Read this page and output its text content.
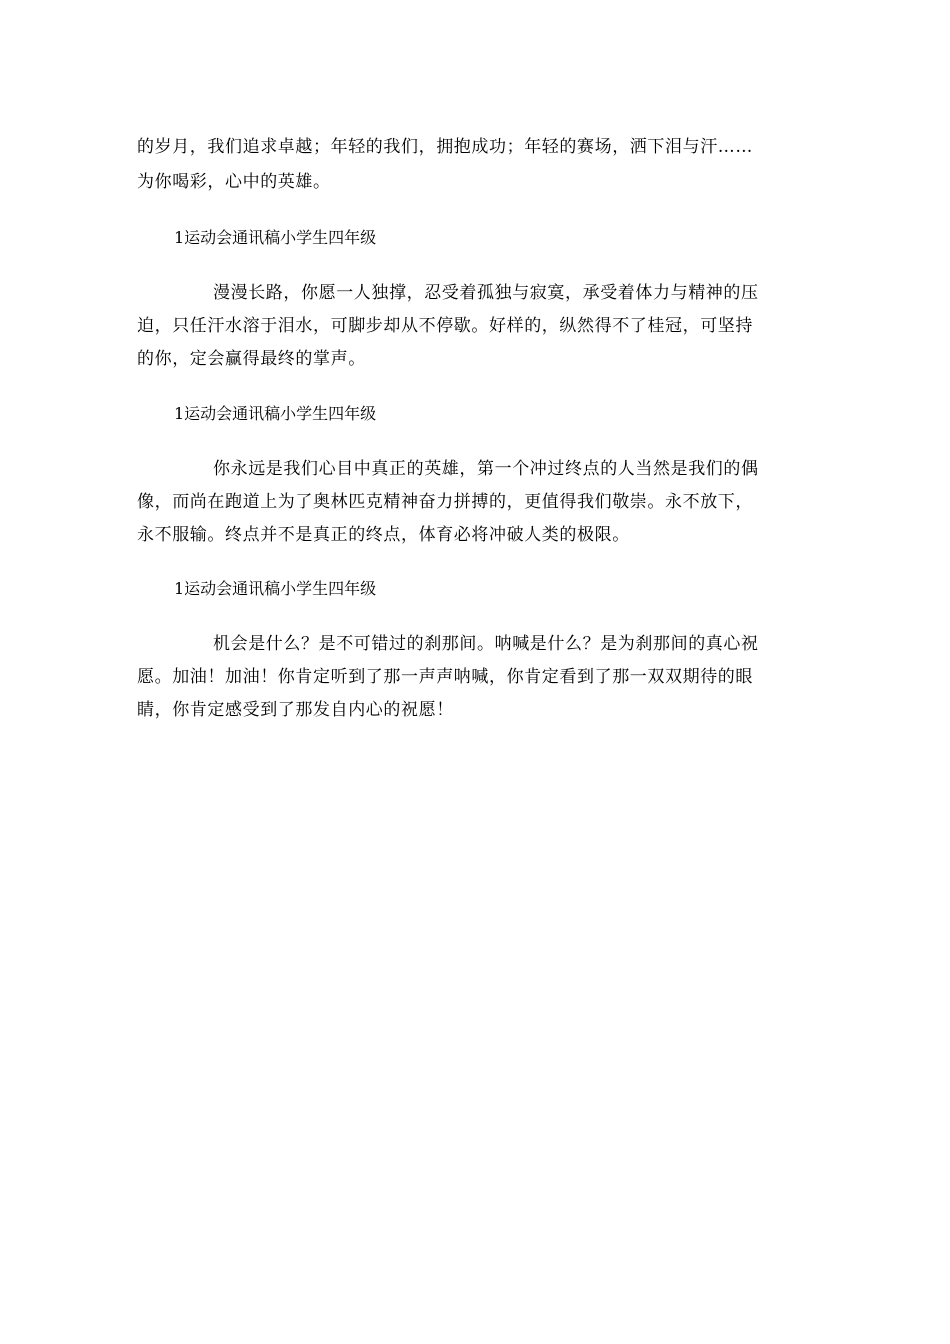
的岁月，我们追求卓越；年轻的我们，拥抱成功；年轻的赛场，洒下泪与汗……
为你喝彩，心中的英雄。
1运动会通讯稿小学生四年级
漫漫长路，你愿一人独撑，忍受着孤独与寂寞，承受着体力与精神的压
迫，只任汗水溶于泪水，可脚步却从不停歇。好样的，纵然得不了桂冠，可坚持
的你，定会赢得最终的掌声。
1运动会通讯稿小学生四年级
你永远是我们心目中真正的英雄，第一个冲过终点的人当然是我们的偶
像，而尚在跑道上为了奥林匹克精神奋力拼搏的，更值得我们敬崇。永不放下，
永不服输。终点并不是真正的终点，体育必将冲破人类的极限。
1运动会通讯稿小学生四年级
机会是什么？是不可错过的刹那间。呐喊是什么？是为刹那间的真心祝
愿。加油！加油！你肯定听到了那一声声呐喊，你肯定看到了那一双双期待的眼
睛，你肯定感受到了那发自内心的祝愿！
